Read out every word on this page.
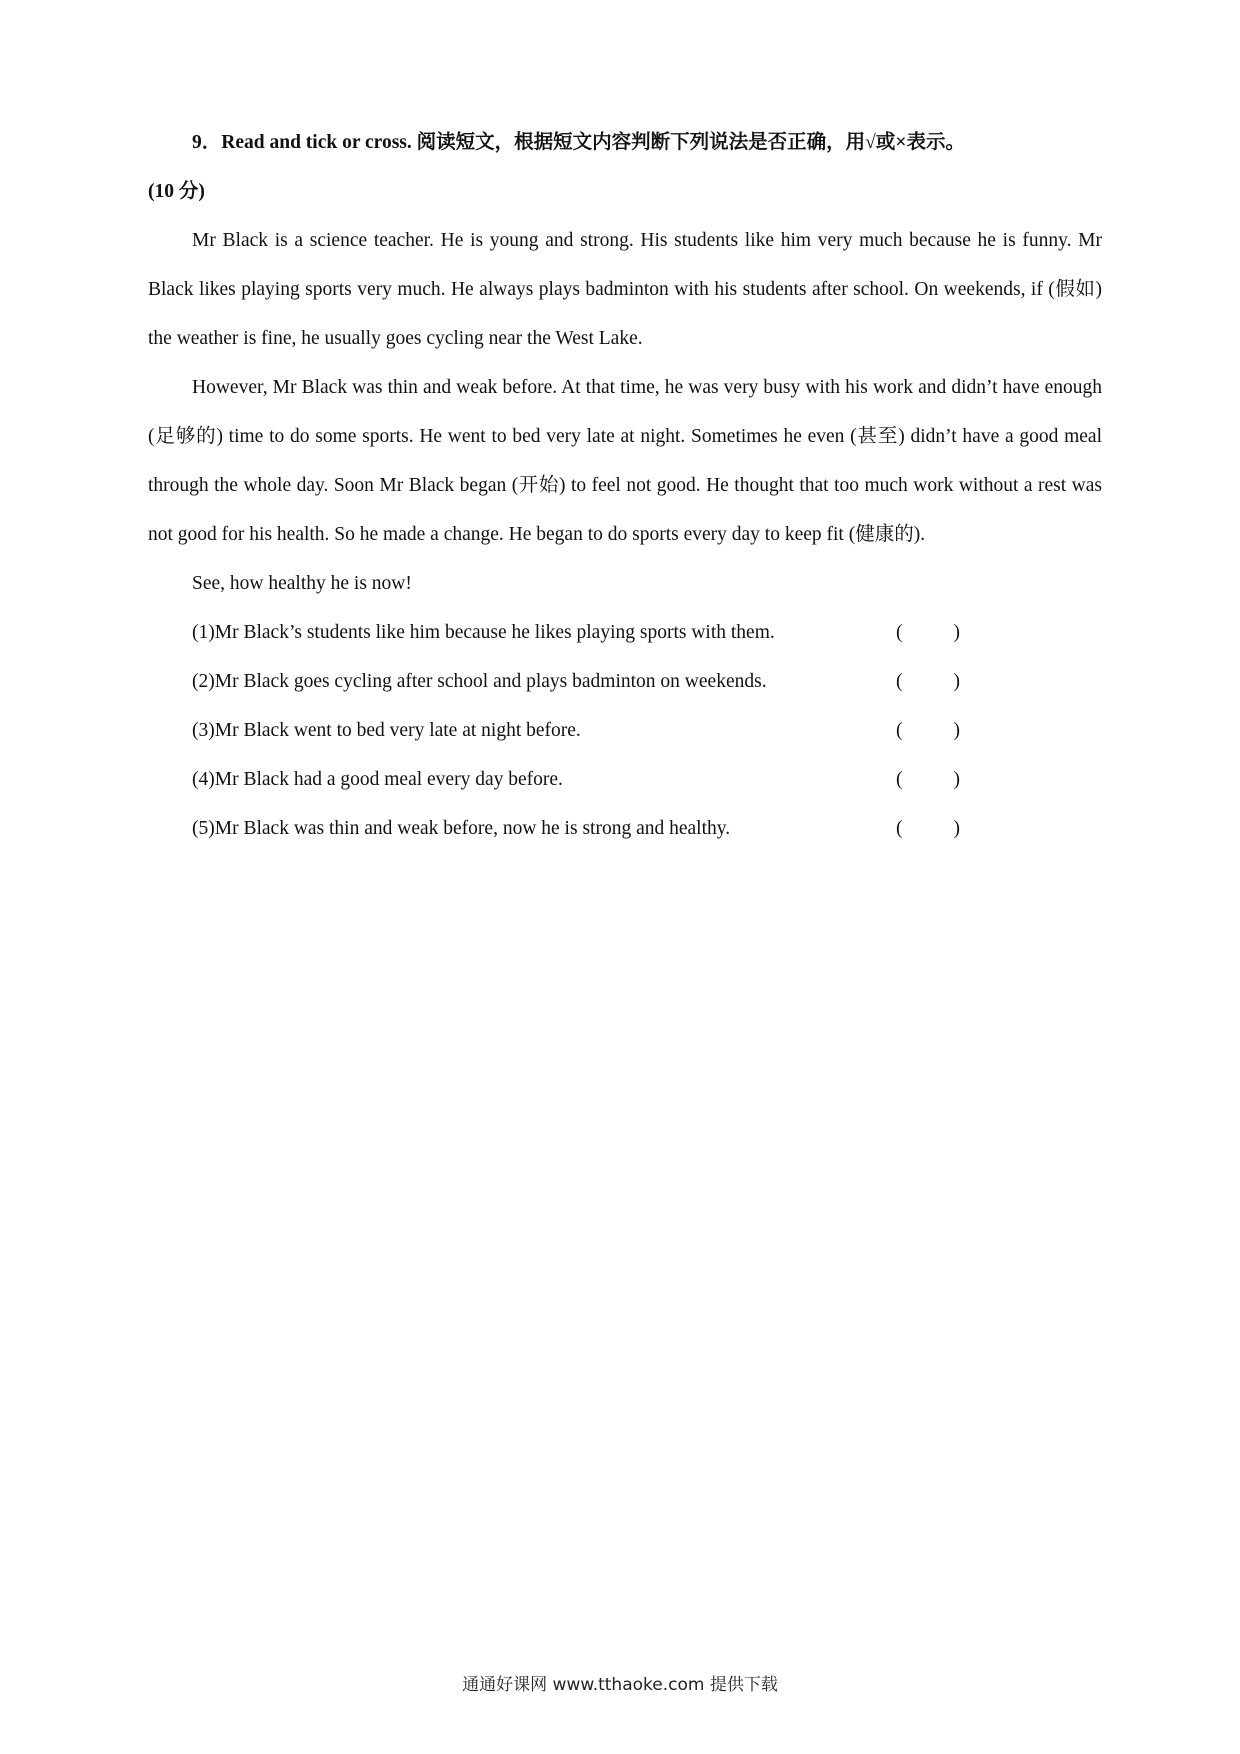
9．Read and tick or cross. 阅读短文，根据短文内容判断下列说法是否正确，用√或×表示。

(10 分)

Mr Black is a science teacher. He is young and strong. His students like him very much because he is funny. Mr Black likes playing sports very much. He always plays badminton with his students after school. On weekends, if (假如) the weather is fine, he usually goes cycling near the West Lake.

However, Mr Black was thin and weak before. At that time, he was very busy with his work and didn’t have enough (足够的) time to do some sports. He went to bed very late at night. Sometimes he even (甚至) didn’t have a good meal through the whole day. Soon Mr Black began (开始) to feel not good. He thought that too much work without a rest was not good for his health. So he made a change. He began to do sports every day to keep fit (健康的).

See, how healthy he is now!

(1)Mr Black’s students like him because he likes playing sports with them.	(	)
(2)Mr Black goes cycling after school and plays badminton on weekends.	(	)
(3)Mr Black went to bed very late at night before.	(	)
(4)Mr Black had a good meal every day before.	(	)
(5)Mr Black was thin and weak before, now he is strong and healthy.	(	)
通通好课网 www.tthaoke.com 提供下载
